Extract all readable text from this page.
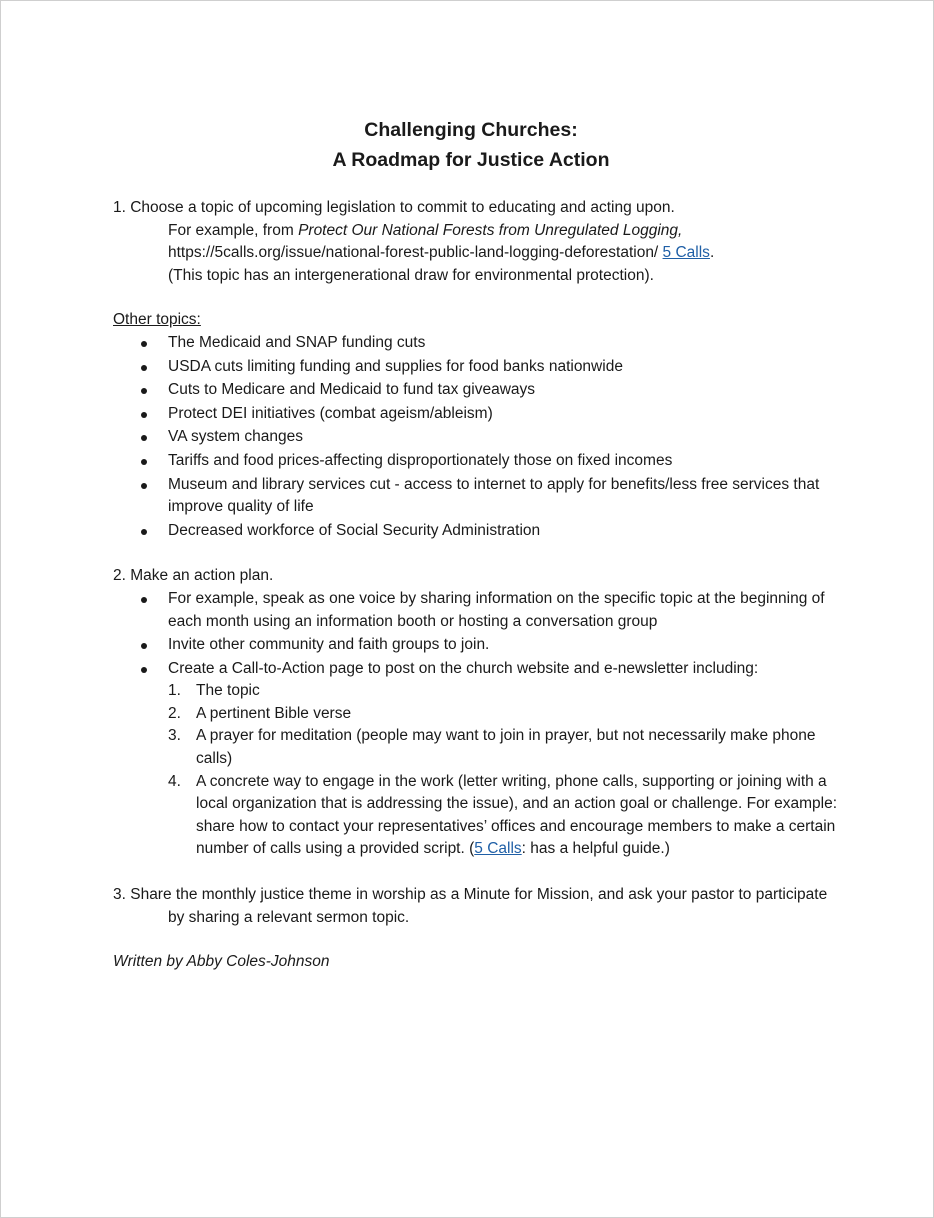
Challenging Churches:
A Roadmap for Justice Action

1. Choose a topic of upcoming legislation to commit to educating and acting upon.

For example, from Protect Our National Forests from Unregulated Logging,

https://5calls.org/issue/national-forest-public-land-logging-deforestation/ 5 Calls.

(This topic has an intergenerational draw for environmental protection).

Other topics:

The Medicaid and SNAP funding cuts
USDA cuts limiting funding and supplies for food banks nationwide
Cuts to Medicare and Medicaid to fund tax giveaways
Protect DEI initiatives (combat ageism/ableism)
VA system changes
Tariffs and food prices-affecting disproportionately those on fixed incomes
Museum and library services cut - access to internet to apply for benefits/less free services that improve quality of life
Decreased workforce of Social Security Administration

2. Make an action plan.

For example, speak as one voice by sharing information on the specific topic at the beginning of each month using an information booth or hosting a conversation group
Invite other community and faith groups to join.
Create a Call-to-Action page to post on the church website and e-newsletter including:
1. The topic
2. A pertinent Bible verse
3. A prayer for meditation (people may want to join in prayer, but not necessarily make phone calls)
4. A concrete way to engage in the work (letter writing, phone calls, supporting or joining with a local organization that is addressing the issue), and an action goal or challenge. For example: share how to contact your representatives’ offices and encourage members to make a certain number of calls using a provided script. (5 Calls: has a helpful guide.)

3. Share the monthly justice theme in worship as a Minute for Mission, and ask your pastor to participate by sharing a relevant sermon topic.

Written by Abby Coles-Johnson
